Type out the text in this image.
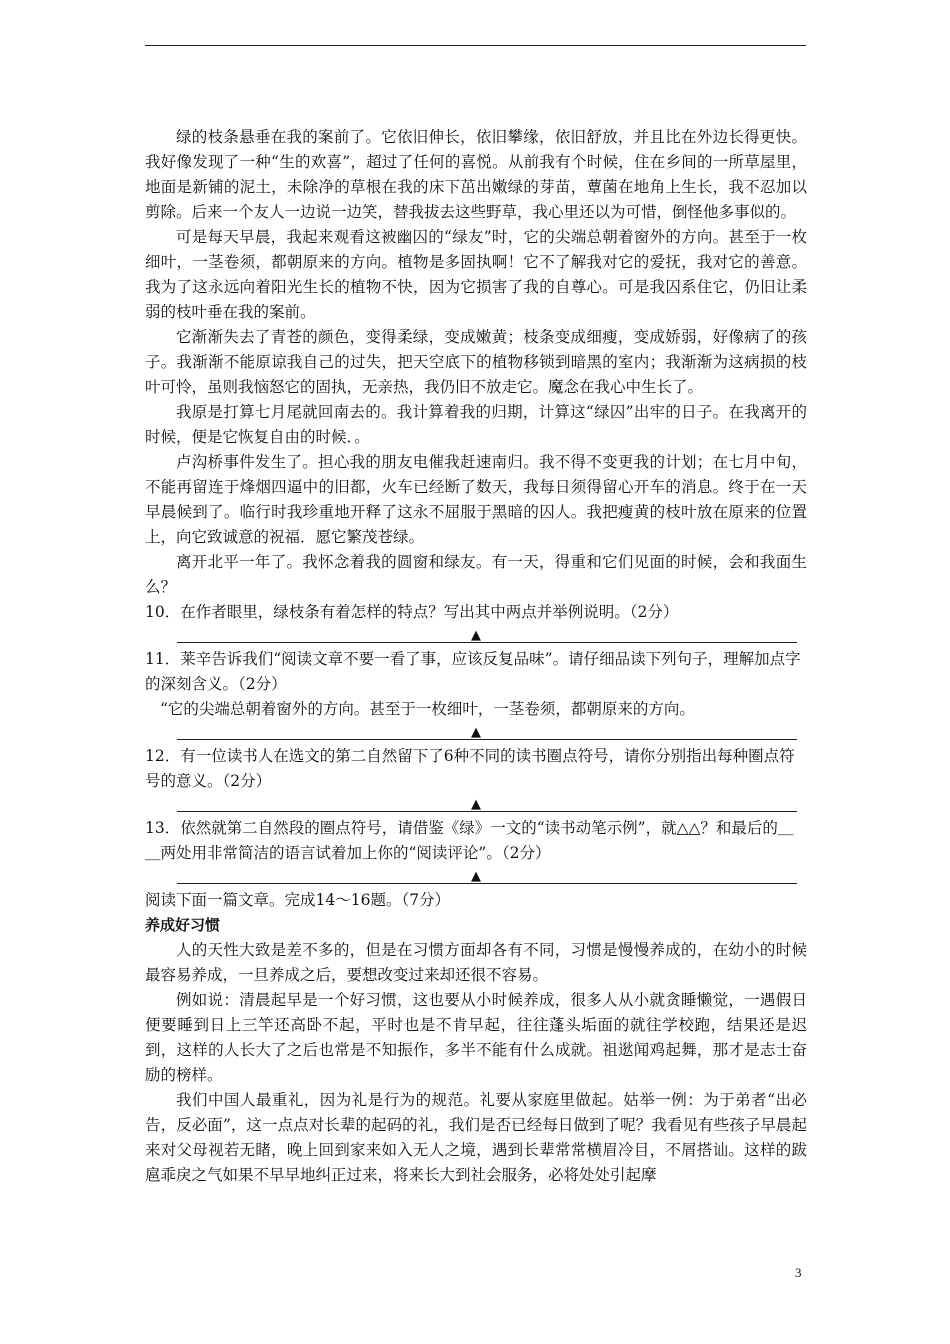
绿的枝条悬垂在我的案前了。它依旧伸长，依旧攀缘，依旧舒放，并且比在外边长得更快。我好像发现了一种“生的欢喜”，超过了任何的喜悦。从前我有个时候，住在乡间的一所草屋里，地面是新铺的泥土，未除净的草根在我的床下茁出嫩绿的芽苗，蕈菌在地角上生长，我不忍加以剪除。后来一个友人一边说一边笑，替我拔去这些野草，我心里还以为可惜，倒怪他多事似的。

可是每天早晨，我起来观看这被幽囚的“绿友”时，它的尖端总朝着窗外的方向。甚至于一枚细叶，一茎卷须，都朝原来的方向。植物是多固执啊！它不了解我对它的爱抚，我对它的善意。我为了这永远向着阳光生长的植物不快，因为它损害了我的自尊心。可是我囚系住它，仍旧让柔弱的枝叶垂在我的案前。

它渐渐失去了青苍的颜色，变得柔绿，变成嫩黄；枝条变成细瘦，变成娇弱，好像病了的孩子。我渐渐不能原谅我自己的过失，把天空底下的植物移锁到暗黑的室内；我渐渐为这病损的枝叶可怜，虽则我恼怒它的固执，无亲热，我仍旧不放走它。魔念在我心中生长了。

我原是打算七月尾就回南去的。我计算着我的归期，计算这“绿囚”出牢的日子。在我离开的时候，便是它恢复自由的时候．。

卢沟桥事件发生了。担心我的朋友电催我赶速南归。我不得不变更我的计划；在七月中旬，不能再留连于烽烟四逼中的旧都，火车已经断了数天，我每日须得留心开车的消息。终于在一天早晨候到了。临行时我珍重地开释了这永不屈服于黑暗的囚人。我把瘦黄的枝叶放在原来的位置上，向它致诚意的祝福．愿它繁茂苍绿。

离开北平一年了。我怀念着我的圆窗和绿友。有一天，得重和它们见面的时候，会和我面生么？

10．在作者眼里，绿枝条有着怎样的特点？写出其中两点并举例说明。（2分）

▲

11．莱辛告诉我们“阅读文章不要一看了事，应该反复品味”。请仔细品读下列句子，理解加点字的深刻含义。（2分）

“它的尖端总朝着窗外的方向。甚至于一枚细叶，一茎卷须，都朝原来的方向。

▲

12．有一位读书人在选文的第二自然留下了6种不同的读书圈点符号，请你分别指出每种圈点符号的意义。（2分）

▲

13．依然就第二自然段的圈点符号，请借鉴《绿》一文的“读书动笔示例”，就△△？和最后的＿＿两处用非常简洁的语言试着加上你的“阅读评论”。（2分）

▲

阅读下面一篇文章。完成14～16题。（7分）

养成好习惯

人的天性大致是差不多的，但是在习惯方面却各有不同，习惯是慢慢养成的，在幼小的时候最容易养成，一旦养成之后，要想改变过来却还很不容易。

例如说：清晨起早是一个好习惯，这也要从小时候养成，很多人从小就贪睡懒觉，一遇假日便要睡到日上三竿还高卧不起，平时也是不肯早起，往往蓬头垢面的就往学校跑，结果还是迟到，这样的人长大了之后也常是不知振作，多半不能有什么成就。祖逖闻鸡起舞，那才是志士奋励的榜样。

我们中国人最重礼，因为礼是行为的规范。礼要从家庭里做起。姑举一例：为于弟者“出必告，反必面”，这一点点对长辈的起码的礼，我们是否已经每日做到了呢？我看见有些孩子早晨起来对父母视若无睹，晚上回到家来如入无人之境，遇到长辈常常横眉冷目，不屑搭讪。这样的跋扈乖戾之气如果不早早地纠正过来，将来长大到社会服务，必将处处引起摩

3
